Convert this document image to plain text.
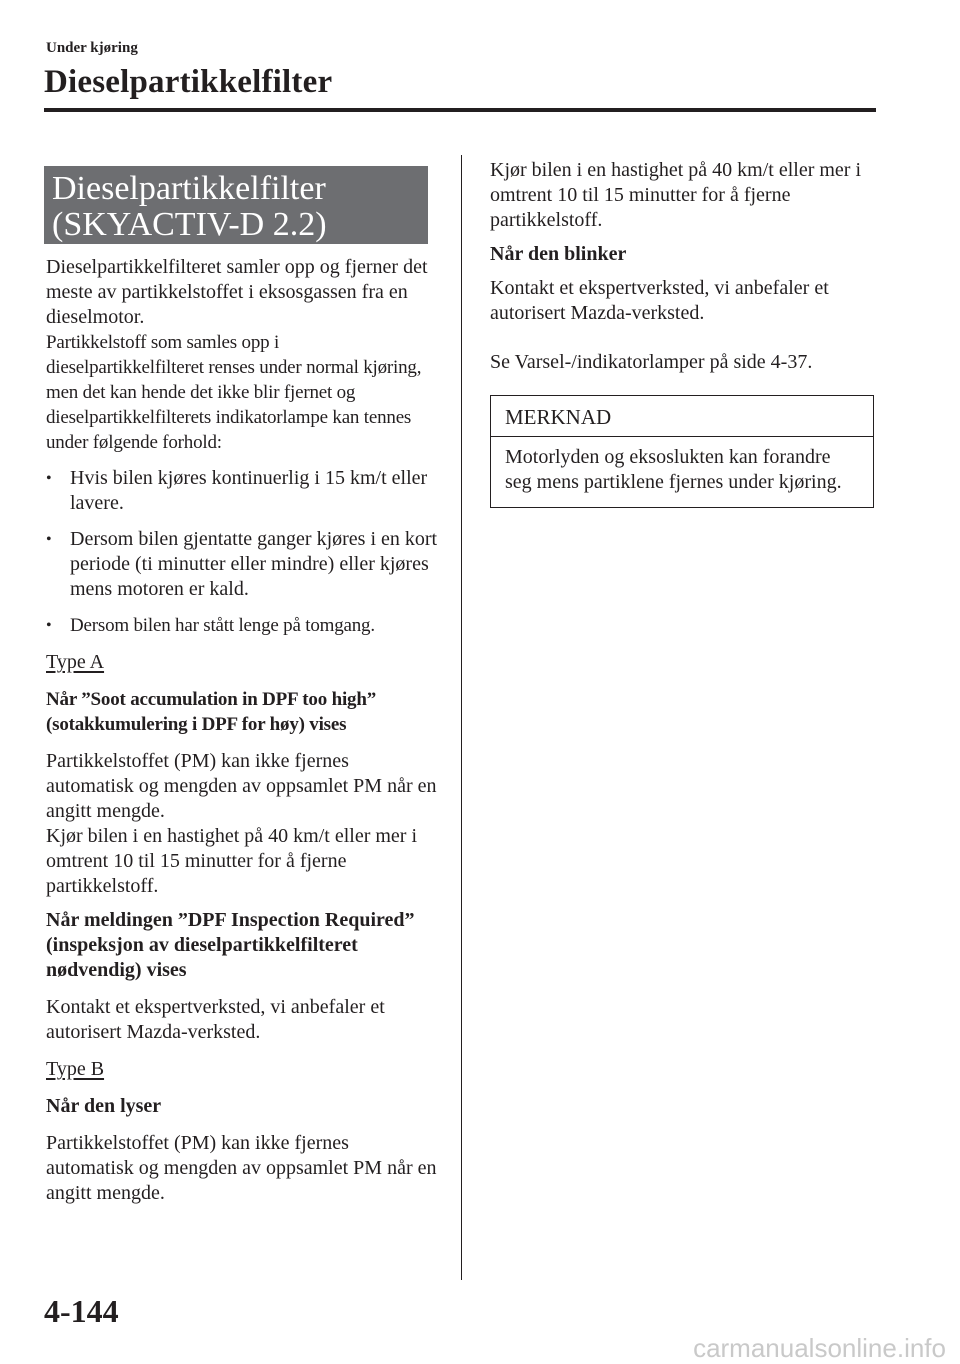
Under kjøring
Dieselpartikkelfilter
Dieselpartikkelfilter
(SKYACTIV-D 2.2)

Dieselpartikkelfilteret samler opp og fjerner det meste av partikkelstoffet i eksosgassen fra en dieselmotor.

Partikkelstoff som samles opp i dieselpartikkelfilteret renses under normal kjøring, men det kan hende det ikke blir fjernet og dieselpartikkelfilterets indikatorlampe kan tennes under følgende forhold:

• Hvis bilen kjøres kontinuerlig i 15 km/t eller lavere.
• Dersom bilen gjentatte ganger kjøres i en kort periode (ti minutter eller mindre) eller kjøres mens motoren er kald.
• Dersom bilen har stått lenge på tomgang.

Type A

Når ”Soot accumulation in DPF too high” (sotakkumulering i DPF for høy) vises

Partikkelstoffet (PM) kan ikke fjernes automatisk og mengden av oppsamlet PM når en angitt mengde.

Kjør bilen i en hastighet på 40 km/t eller mer i omtrent 10 til 15 minutter for å fjerne partikkelstoff.

Når meldingen ”DPF Inspection Required” (inspeksjon av dieselpartikkelfilteret nødvendig) vises

Kontakt et ekspertverksted, vi anbefaler et autorisert Mazda-verksted.

Type B

Når den lyser

Partikkelstoffet (PM) kan ikke fjernes automatisk og mengden av oppsamlet PM når en angitt mengde.

Kjør bilen i en hastighet på 40 km/t eller mer i omtrent 10 til 15 minutter for å fjerne partikkelstoff.

Når den blinker

Kontakt et ekspertverksted, vi anbefaler et autorisert Mazda-verksted.

Se Varsel-/indikatorlamper på side 4-37.

MERKNAD
Motorlyden og eksoslukten kan forandre seg mens partiklene fjernes under kjøring.
4-144
carmanualsonline.info
